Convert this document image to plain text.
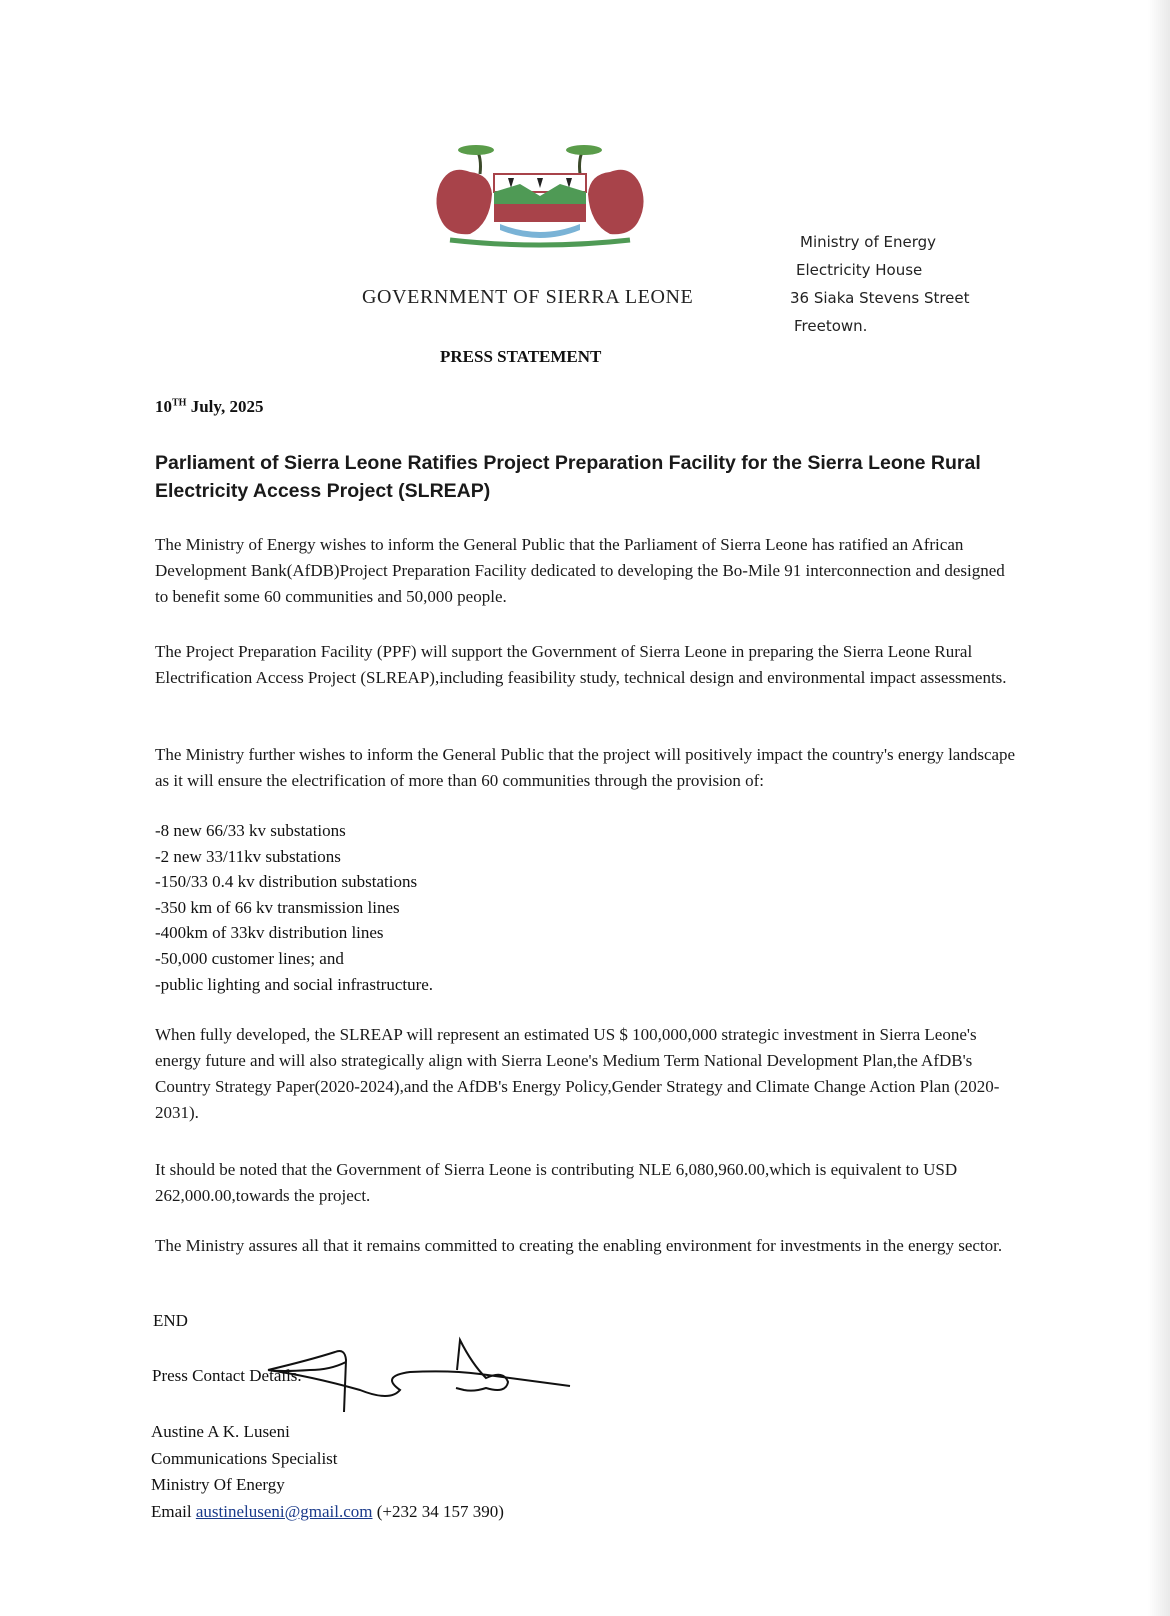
GOVERNMENT OF SIERRA LEONE
PRESS STATEMENT
Ministry of Energy
Electricity House
36 Siaka Stevens Street
Freetown.
10TH July, 2025
Parliament of Sierra Leone Ratifies Project Preparation Facility for the Sierra Leone Rural Electricity Access Project (SLREAP)
The Ministry of Energy wishes to inform the General Public that the Parliament of Sierra Leone has ratified an African Development Bank(AfDB)Project Preparation Facility dedicated to developing the Bo-Mile 91 interconnection and designed to benefit some 60 communities and 50,000 people.
The Project Preparation Facility (PPF) will support the Government of Sierra Leone in preparing the Sierra Leone Rural Electrification Access Project (SLREAP),including feasibility study, technical design and environmental impact assessments.
The Ministry further wishes to inform the General Public that the project will positively impact the country's energy landscape as it will ensure the electrification of more than 60 communities through the provision of:
-8 new 66/33 kv substations
-2 new 33/11kv substations
-150/33 0.4 kv distribution substations
-350 km of 66 kv transmission lines
-400km of 33kv distribution lines
-50,000 customer lines; and
-public lighting and social infrastructure.
When fully developed, the SLREAP will represent an estimated US $ 100,000,000 strategic investment in Sierra Leone's energy future and will also strategically align with Sierra Leone's Medium Term National Development Plan,the AfDB's Country Strategy Paper(2020-2024),and the AfDB's Energy Policy,Gender Strategy and Climate Change Action Plan (2020-2031).
It should be noted that the Government of Sierra Leone is contributing NLE 6,080,960.00,which is equivalent to USD 262,000.00,towards the project.
The Ministry assures all that it remains committed to creating the enabling environment for investments in the energy sector.
END
Press Contact Details.
Austine A K. Luseni
Communications Specialist
Ministry Of Energy
Email austineluseni@gmail.com (+232 34 157 390)
